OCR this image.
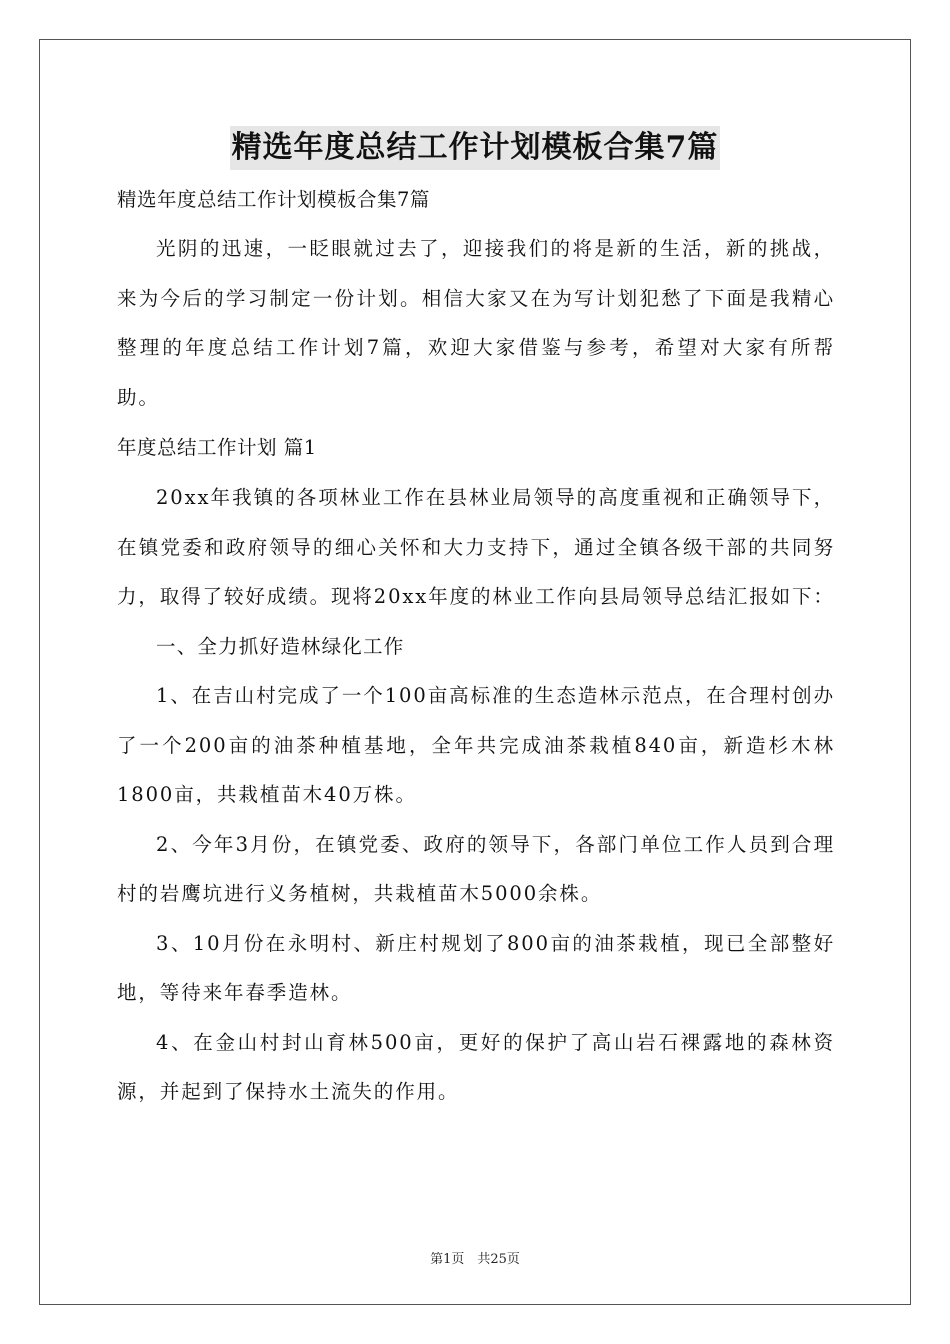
精选年度总结工作计划模板合集7篇
精选年度总结工作计划模板合集7篇

光阴的迅速，一眨眼就过去了，迎接我们的将是新的生活，新的挑战，来为今后的学习制定一份计划。相信大家又在为写计划犯愁了下面是我精心整理的年度总结工作计划7篇，欢迎大家借鉴与参考，希望对大家有所帮助。

年度总结工作计划 篇1

20xx年我镇的各项林业工作在县林业局领导的高度重视和正确领导下，在镇党委和政府领导的细心关怀和大力支持下，通过全镇各级干部的共同努力，取得了较好成绩。现将20xx年度的林业工作向县局领导总结汇报如下：

一、全力抓好造林绿化工作

1、在吉山村完成了一个100亩高标准的生态造林示范点，在合理村创办了一个200亩的油茶种植基地，全年共完成油茶栽植840亩，新造杉木林1800亩，共栽植苗木40万株。

2、今年3月份，在镇党委、政府的领导下，各部门单位工作人员到合理村的岩鹰坑进行义务植树，共栽植苗木5000余株。

3、10月份在永明村、新庄村规划了800亩的油茶栽植，现已全部整好地，等待来年春季造林。

4、在金山村封山育林500亩，更好的保护了高山岩石裸露地的森林资源，并起到了保持水土流失的作用。

第1页　共25页
